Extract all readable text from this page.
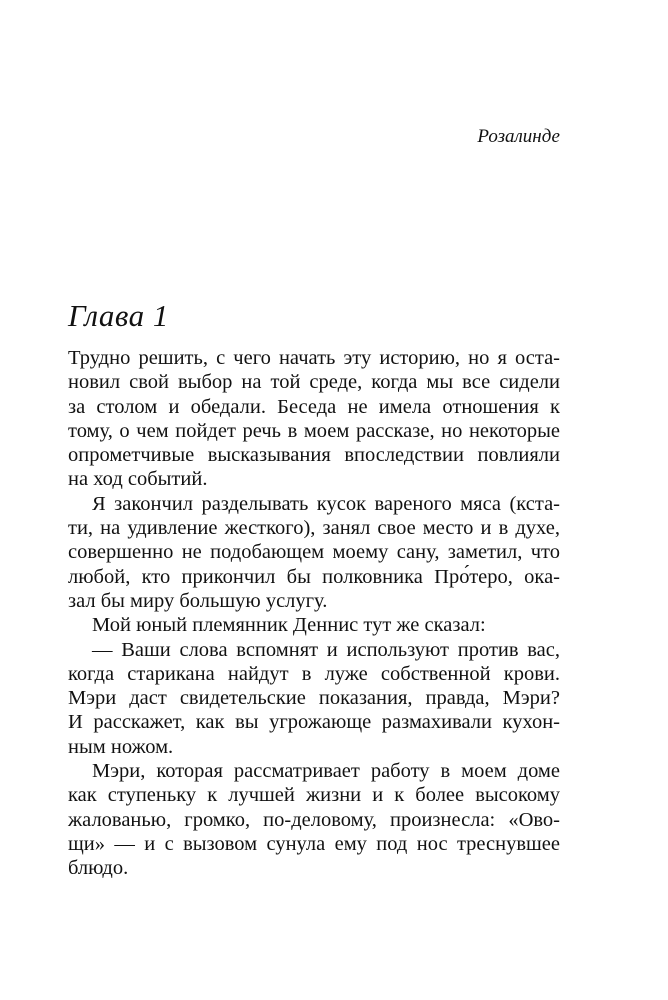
Розалинде

Глава 1
Трудно решить, с чего начать эту историю, но я оста-
новил свой выбор на той среде, когда мы все сидели
за столом и обедали. Беседа не имела отношения к
тому, о чем пойдет речь в моем рассказе, но некоторые
опрометчивые высказывания впоследствии повлияли
на ход событий.
Я закончил разделывать кусок вареного мяса (кста-
ти, на удивление жесткого), занял свое место и в духе,
совершенно не подобающем моему сану, заметил, что
любой, кто прикончил бы полковника Про́теро, ока-
зал бы миру большую услугу.
Мой юный племянник Деннис тут же сказал:
— Ваши слова вспомнят и используют против вас,
когда старикана найдут в луже собственной крови.
Мэри даст свидетельские показания, правда, Мэри?
И расскажет, как вы угрожающе размахивали кухон-
ным ножом.
Мэри, которая рассматривает работу в моем доме
как ступеньку к лучшей жизни и к более высокому
жалованью, громко, по-деловому, произнесла: «Ово-
щи» — и с вызовом сунула ему под нос треснувшее
блюдо.
